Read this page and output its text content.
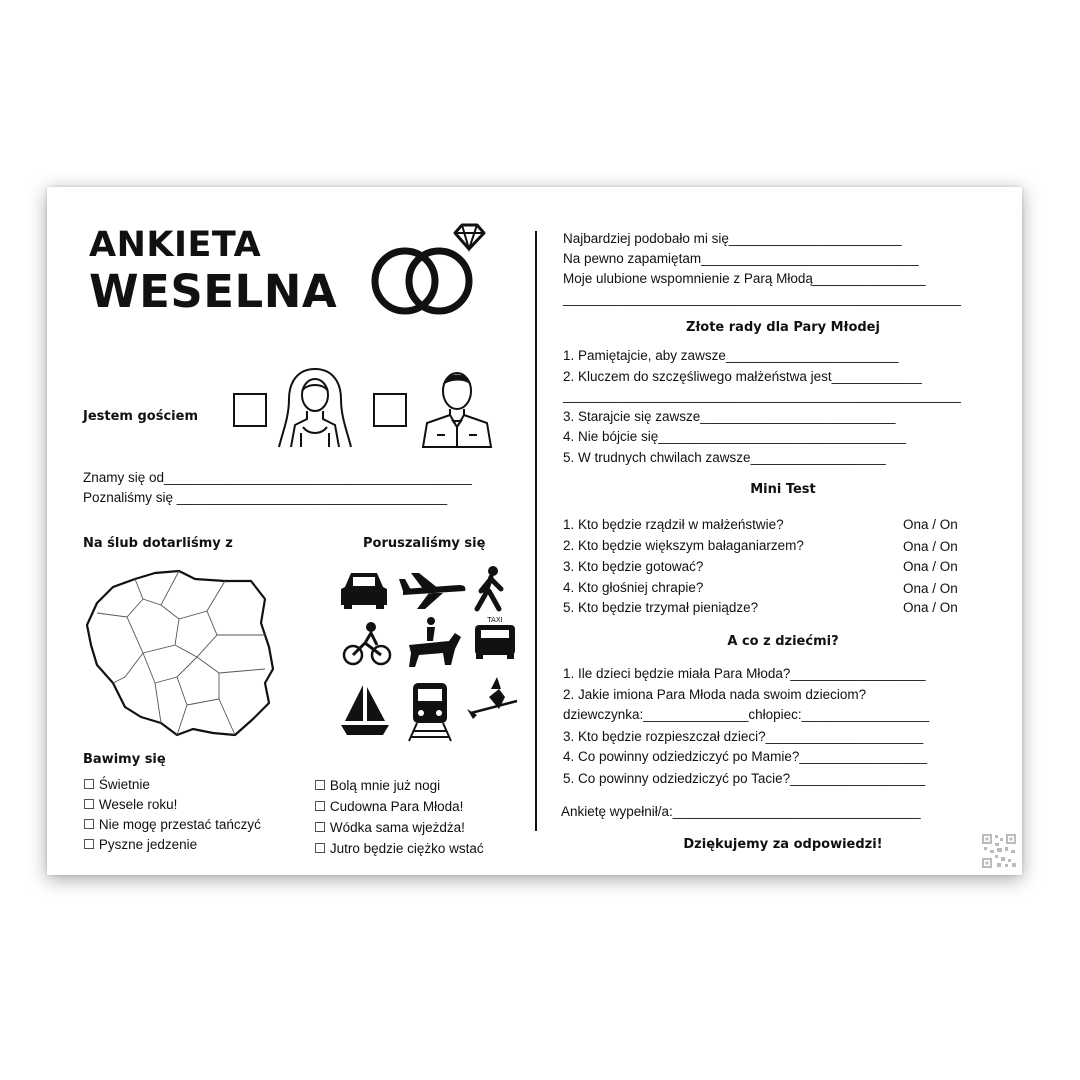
ANKIETA
WESELNA
Jestem gościem
Znamy się od_________________________________________
Poznaliśmy się ____________________________________
Na ślub dotarliśmy z	Poruszaliśmy się
TAXI
Bawimy się
☐ Świetnie
☐ Wesele roku!
☐ Nie mogę przestać tańczyć
☐ Pyszne jedzenie
☐ Bolą mnie już nogi
☐ Cudowna Para Młoda!
☐ Wódka sama wjeżdża!
☐ Jutro będzie ciężko wstać
Najbardziej podobało mi się_______________________
Na pewno zapamiętam_____________________________
Moje ulubione wspomnienie z Parą Młodą_______________
_____________________________________________________
Złote rady dla Pary Młodej
1. Pamiętajcie, aby zawsze_______________________
2. Kluczem do szczęśliwego małżeństwa jest____________
_____________________________________________________
3. Starajcie się zawsze__________________________
4. Nie bójcie się_________________________________
5. W trudnych chwilach zawsze__________________
Mini Test
1. Kto będzie rządził w małżeństwie?	Ona / On
2. Kto będzie większym bałaganiarzem?	Ona / On
3. Kto będzie gotować?	Ona / On
4. Kto głośniej chrapie?	Ona / On
5. Kto będzie trzymał pieniądze?	Ona / On
A co z dziećmi?
1. Ile dzieci będzie miała Para Młoda?__________________
2. Jakie imiona Para Młoda nada swoim dzieciom?
dziewczynka:______________chłopiec:_________________
3. Kto będzie rozpieszczał dzieci?_____________________
4. Co powinny odziedziczyć po Mamie?_________________
5. Co powinny odziedziczyć po Tacie?__________________
Ankietę wypełnił/a:_________________________________
Dziękujemy za odpowiedzi!
